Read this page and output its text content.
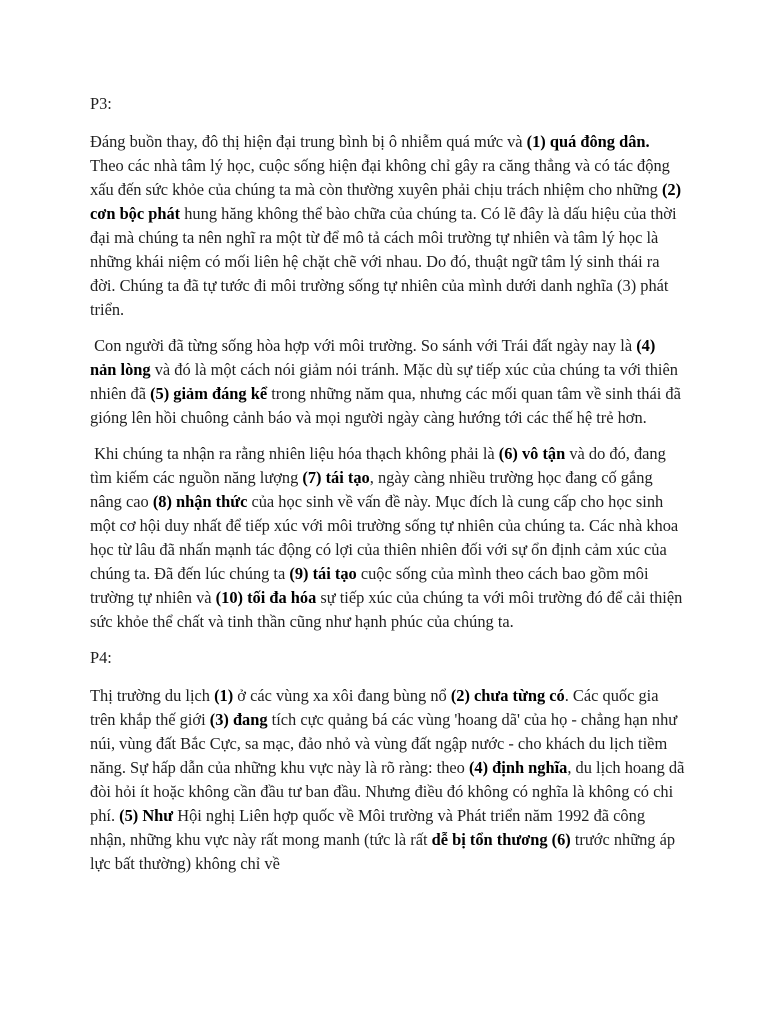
P3:

Đáng buồn thay, đô thị hiện đại trung bình bị ô nhiễm quá mức và (1) quá đông dân. Theo các nhà tâm lý học, cuộc sống hiện đại không chỉ gây ra căng thẳng và có tác động xấu đến sức khỏe của chúng ta mà còn thường xuyên phải chịu trách nhiệm cho những (2) cơn bộc phát hung hăng không thể bào chữa của chúng ta. Có lẽ đây là dấu hiệu của thời đại mà chúng ta nên nghĩ ra một từ để mô tả cách môi trường tự nhiên và tâm lý học là những khái niệm có mối liên hệ chặt chẽ với nhau. Do đó, thuật ngữ tâm lý sinh thái ra đời. Chúng ta đã tự tước đi môi trường sống tự nhiên của mình dưới danh nghĩa (3) phát triển.

Con người đã từng sống hòa hợp với môi trường. So sánh với Trái đất ngày nay là (4) nản lòng và đó là một cách nói giảm nói tránh. Mặc dù sự tiếp xúc của chúng ta với thiên nhiên đã (5) giảm đáng kể trong những năm qua, nhưng các mối quan tâm về sinh thái đã gióng lên hồi chuông cảnh báo và mọi người ngày càng hướng tới các thế hệ trẻ hơn.

Khi chúng ta nhận ra rằng nhiên liệu hóa thạch không phải là (6) vô tận và do đó, đang tìm kiếm các nguồn năng lượng (7) tái tạo, ngày càng nhiều trường học đang cố gắng nâng cao (8) nhận thức của học sinh về vấn đề này. Mục đích là cung cấp cho học sinh một cơ hội duy nhất để tiếp xúc với môi trường sống tự nhiên của chúng ta. Các nhà khoa học từ lâu đã nhấn mạnh tác động có lợi của thiên nhiên đối với sự ổn định cảm xúc của chúng ta. Đã đến lúc chúng ta (9) tái tạo cuộc sống của mình theo cách bao gồm môi trường tự nhiên và (10) tối đa hóa sự tiếp xúc của chúng ta với môi trường đó để cải thiện sức khỏe thể chất và tinh thần cũng như hạnh phúc của chúng ta.

P4:

Thị trường du lịch (1) ở các vùng xa xôi đang bùng nổ (2) chưa từng có. Các quốc gia trên khắp thế giới (3) đang tích cực quảng bá các vùng 'hoang dã' của họ - chẳng hạn như núi, vùng đất Bắc Cực, sa mạc, đảo nhỏ và vùng đất ngập nước - cho khách du lịch tiềm năng. Sự hấp dẫn của những khu vực này là rõ ràng: theo (4) định nghĩa, du lịch hoang dã đòi hỏi ít hoặc không cần đầu tư ban đầu. Nhưng điều đó không có nghĩa là không có chi phí. (5) Như Hội nghị Liên hợp quốc về Môi trường và Phát triển năm 1992 đã công nhận, những khu vực này rất mong manh (tức là rất dễ bị tổn thương (6) trước những áp lực bất thường) không chỉ về
